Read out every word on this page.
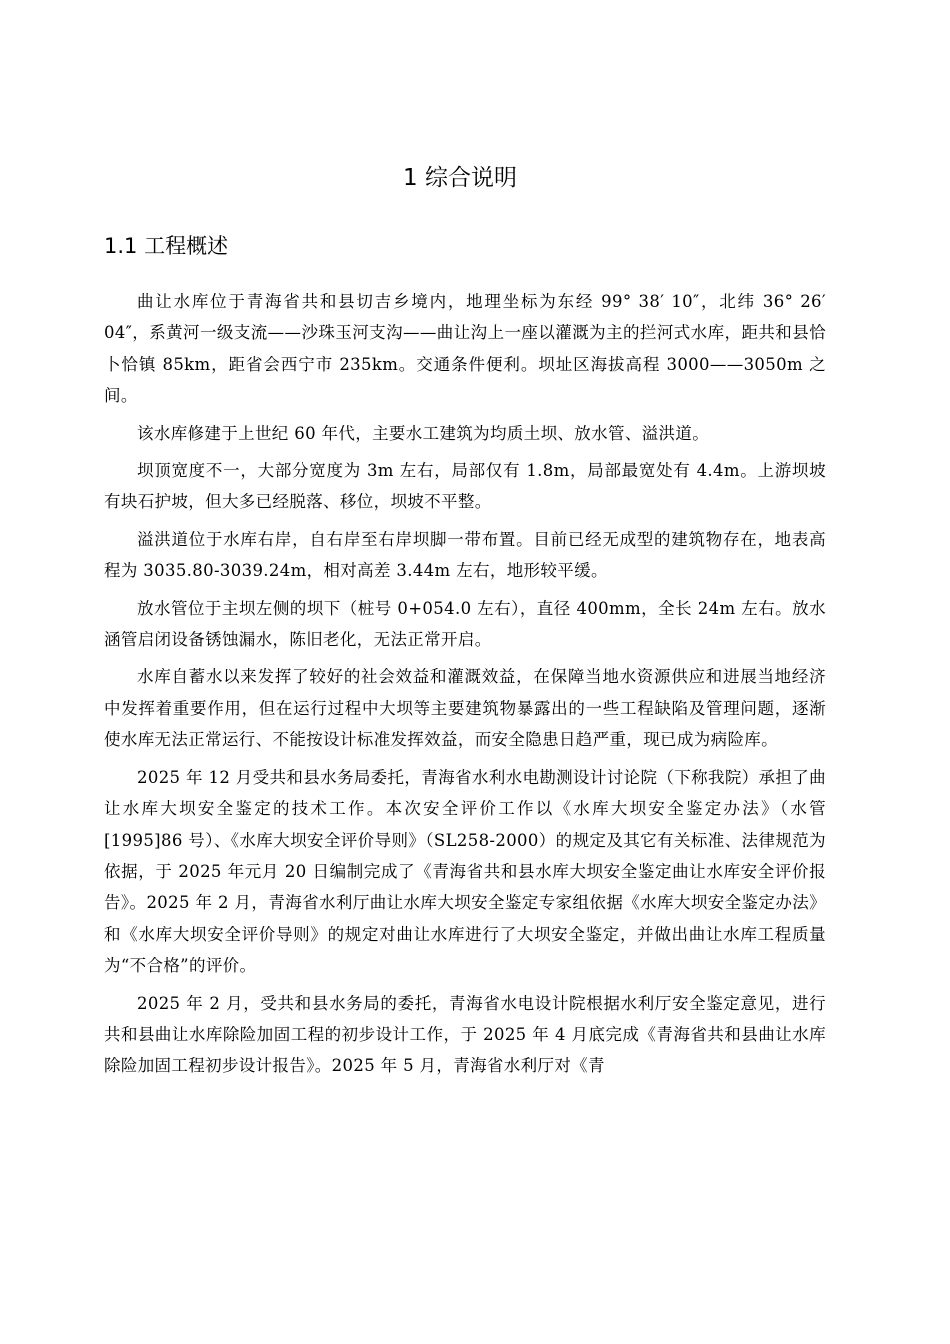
1 综合说明
1.1 工程概述

曲让水库位于青海省共和县切吉乡境内，地理坐标为东经 99° 38′ 10″，北纬 36° 26′ 04″，系黄河一级支流——沙珠玉河支沟——曲让沟上一座以灌溉为主的拦河式水库，距共和县恰卜恰镇 85km，距省会西宁市 235km。交通条件便利。坝址区海拔高程 3000——3050m 之间。

该水库修建于上世纪 60 年代，主要水工建筑为均质土坝、放水管、溢洪道。

坝顶宽度不一，大部分宽度为 3m 左右，局部仅有 1.8m，局部最宽处有 4.4m。上游坝坡有块石护坡，但大多已经脱落、移位，坝坡不平整。

溢洪道位于水库右岸，自右岸至右岸坝脚一带布置。目前已经无成型的建筑物存在，地表高程为 3035.80-3039.24m，相对高差 3.44m 左右，地形较平缓。

放水管位于主坝左侧的坝下（桩号 0+054.0 左右），直径 400mm，全长 24m 左右。放水涵管启闭设备锈蚀漏水，陈旧老化，无法正常开启。

水库自蓄水以来发挥了较好的社会效益和灌溉效益，在保障当地水资源供应和进展当地经济中发挥着重要作用，但在运行过程中大坝等主要建筑物暴露出的一些工程缺陷及管理问题，逐渐使水库无法正常运行、不能按设计标准发挥效益，而安全隐患日趋严重，现已成为病险库。

2025 年 12 月受共和县水务局委托，青海省水利水电勘测设计讨论院（下称我院）承担了曲让水库大坝安全鉴定的技术工作。本次安全评价工作以《水库大坝安全鉴定办法》（水管[1995]86 号）、《水库大坝安全评价导则》（SL258-2000）的规定及其它有关标准、法律规范为依据，于 2025 年元月 20 日编制完成了《青海省共和县水库大坝安全鉴定曲让水库安全评价报告》。2025 年 2 月，青海省水利厅曲让水库大坝安全鉴定专家组依据《水库大坝安全鉴定办法》和《水库大坝安全评价导则》的规定对曲让水库进行了大坝安全鉴定，并做出曲让水库工程质量为“不合格”的评价。

2025 年 2 月，受共和县水务局的委托，青海省水电设计院根据水利厅安全鉴定意见，进行共和县曲让水库除险加固工程的初步设计工作，于 2025 年 4 月底完成《青海省共和县曲让水库除险加固工程初步设计报告》。2025 年 5 月，青海省水利厅对《青
